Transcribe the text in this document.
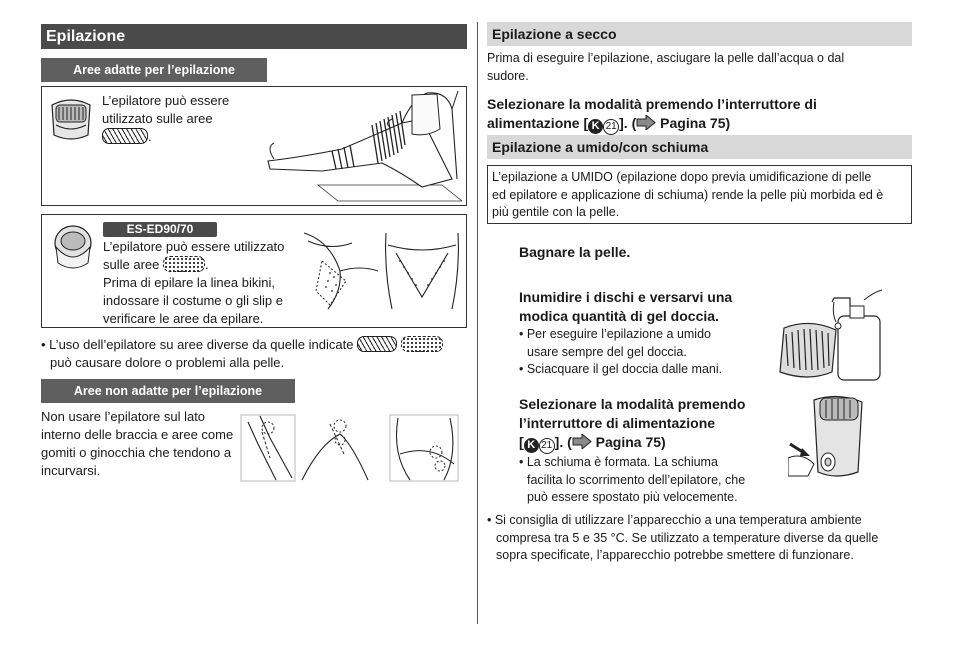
Epilazione
Aree adatte per l’epilazione
L’epilatore può essere
utilizzato sulle aree
.
ES-ED90/70
L’epilatore può essere utilizzato
sulle aree	.
Prima di epilare la linea bikini,
indossare il costume o gli slip e
verificare le aree da epilare.
• L’uso dell’epilatore su aree diverse da quelle indicate
può causare dolore o problemi alla pelle.
Aree non adatte per l’epilazione
Non usare l’epilatore sul lato
interno delle braccia e aree come
gomiti o ginocchia che tendono a
incurvarsi.
Epilazione a secco
Prima di eseguire l’epilazione, asciugare la pelle dall’acqua o dal
sudore.
Selezionare la modalità premendo l’interruttore di
alimentazione [ K 21 ]. ( Pagina 75)
Epilazione a umido/con schiuma
L’epilazione a UMIDO (epilazione dopo previa umidificazione di pelle
ed epilatore e applicazione di schiuma) rende la pelle più morbida ed è
più gentile con la pelle.
Bagnare la pelle.
Inumidire i dischi e versarvi una
modica quantità di gel doccia.
• Per eseguire l’epilazione a umido
usare sempre del gel doccia.
• Sciacquare il gel doccia dalle mani.
Selezionare la modalità premendo
l’interruttore di alimentazione
[ K 21 ]. ( Pagina 75)
• La schiuma è formata. La schiuma
facilita lo scorrimento dell’epilatore, che
può essere spostato più velocemente.
• Si consiglia di utilizzare l’apparecchio a una temperatura ambiente
compresa tra 5 e 35 °C. Se utilizzato a temperature diverse da quelle
sopra specificate, l’apparecchio potrebbe smettere di funzionare.
